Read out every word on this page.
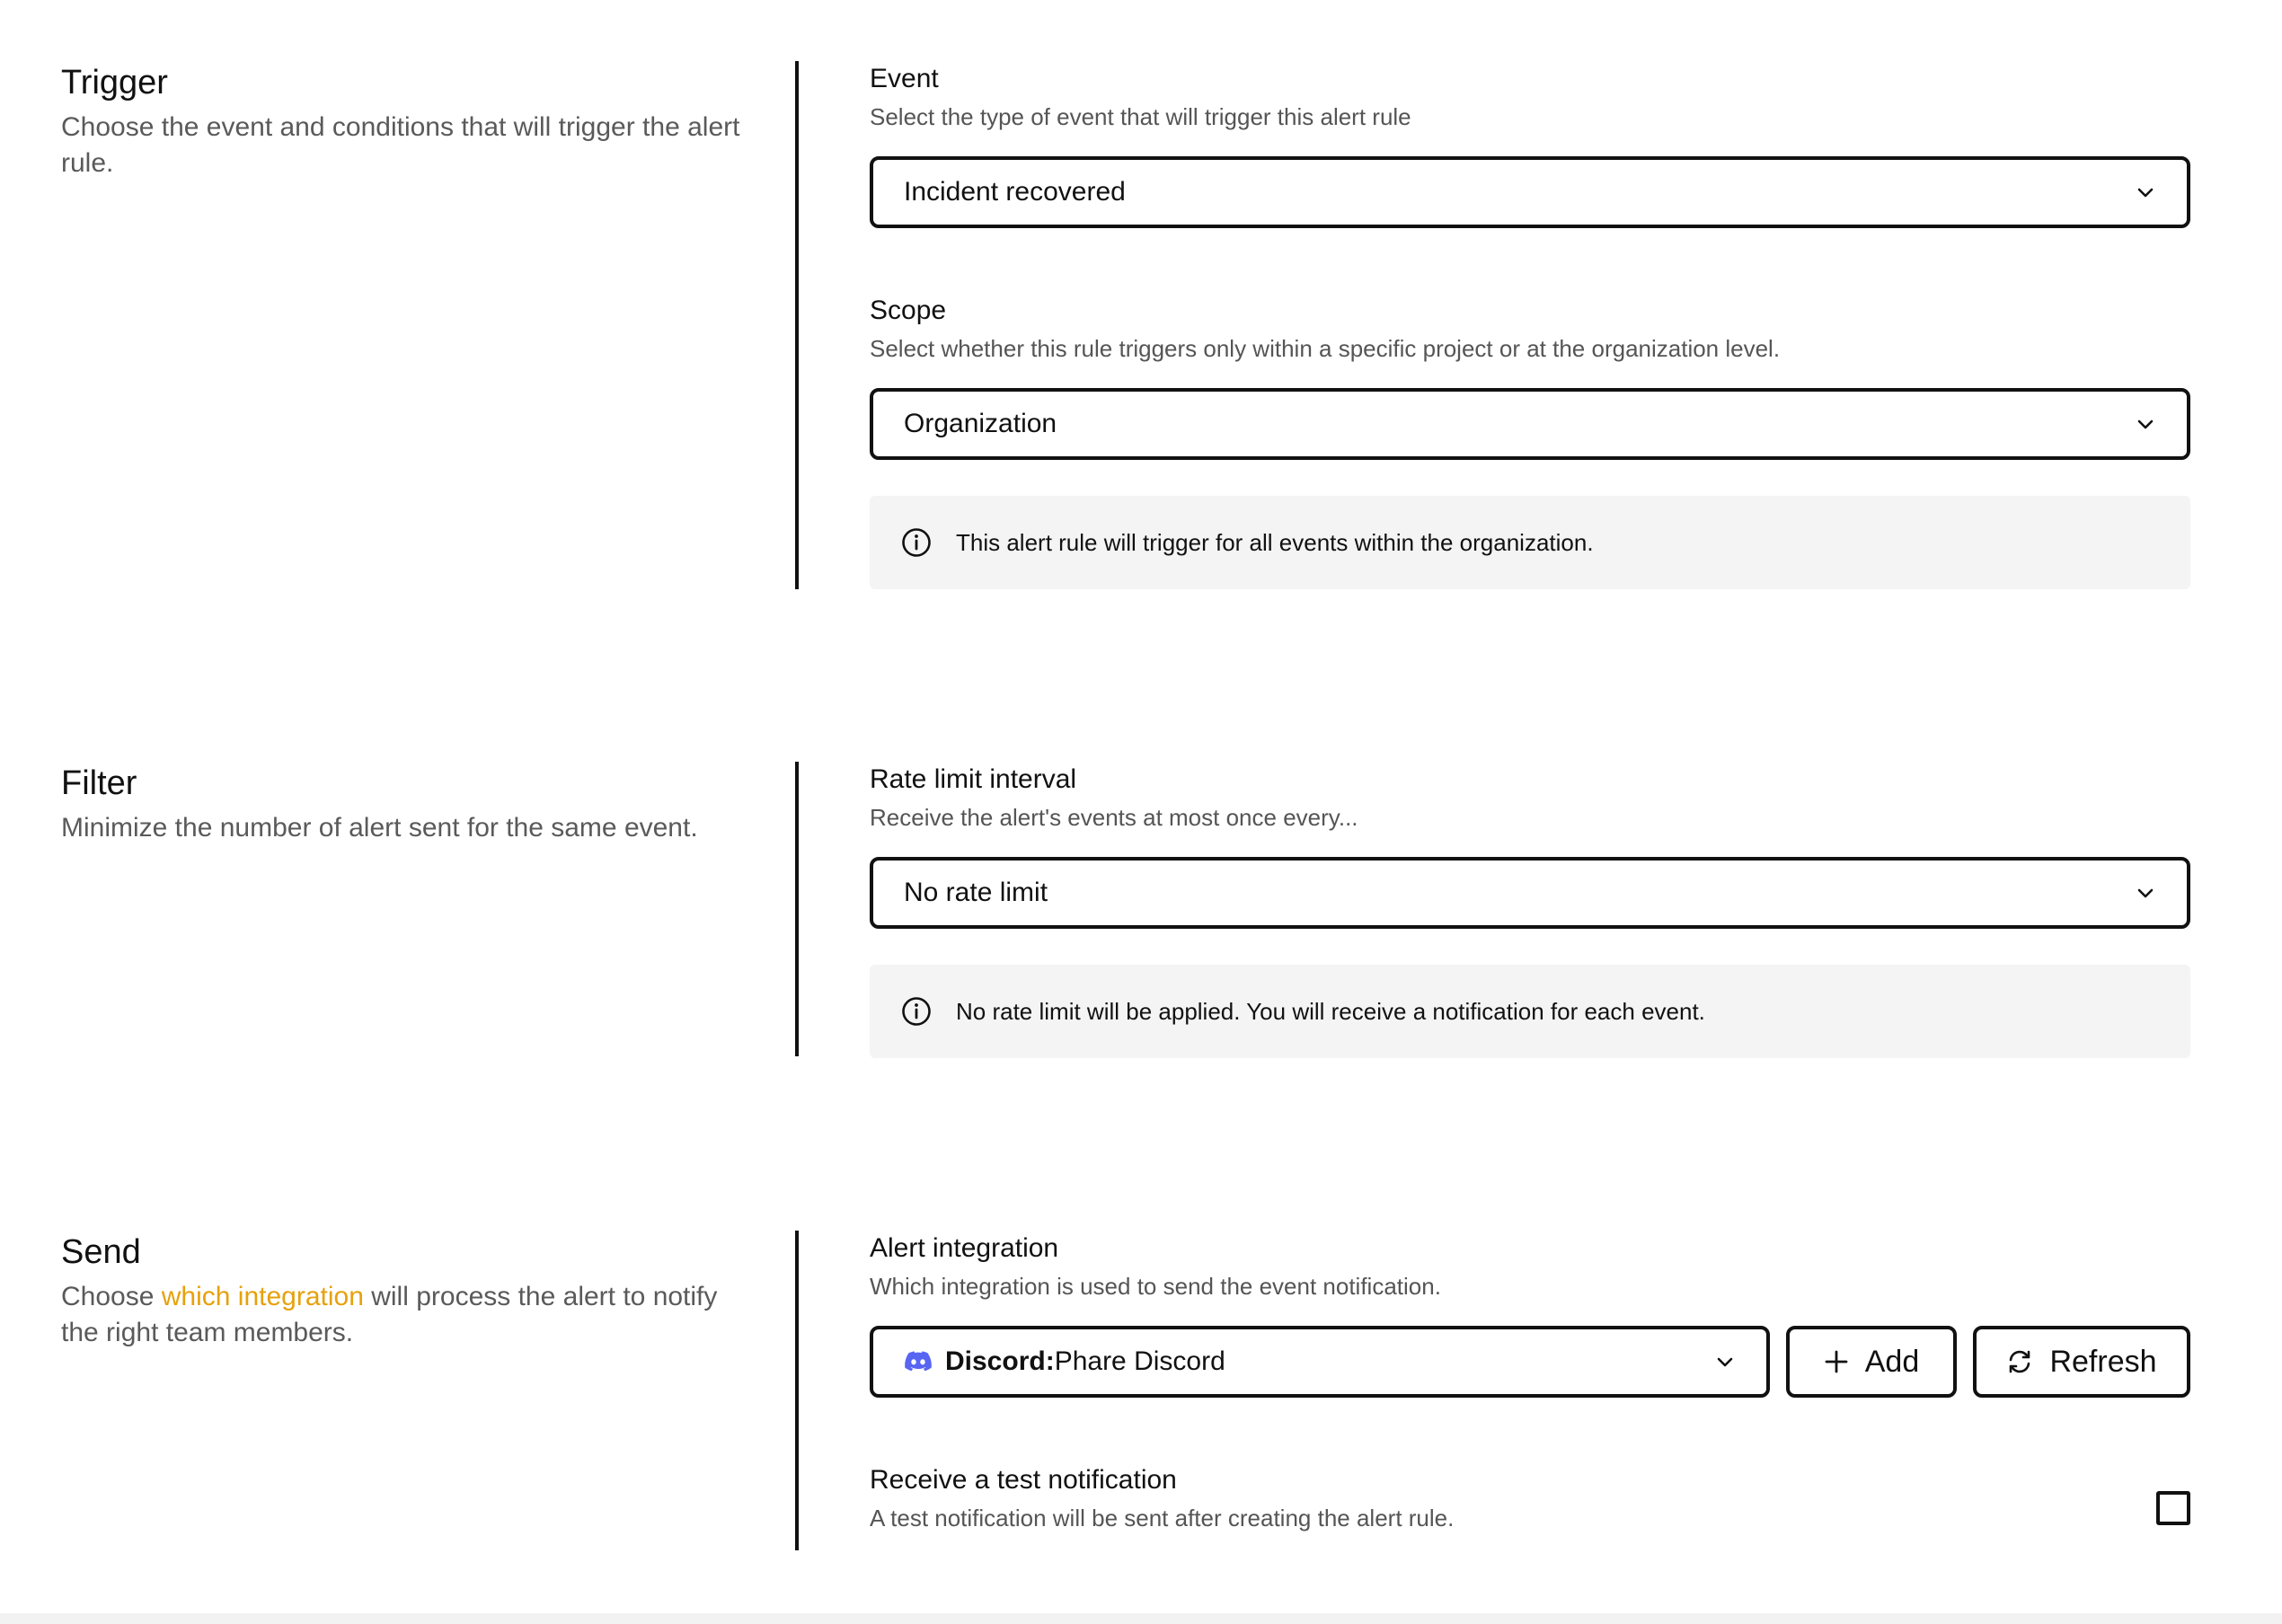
Trigger
Choose the event and conditions that will trigger the alert rule.
Event
Select the type of event that will trigger this alert rule
Incident recovered
Scope
Select whether this rule triggers only within a specific project or at the organization level.
Organization
This alert rule will trigger for all events within the organization.
Filter
Minimize the number of alert sent for the same event.
Rate limit interval
Receive the alert's events at most once every...
No rate limit
No rate limit will be applied. You will receive a notification for each event.
Send
Choose which integration will process the alert to notify the right team members.
Alert integration
Which integration is used to send the event notification.
Discord:Phare Discord	Add	Refresh
Receive a test notification
A test notification will be sent after creating the alert rule.
